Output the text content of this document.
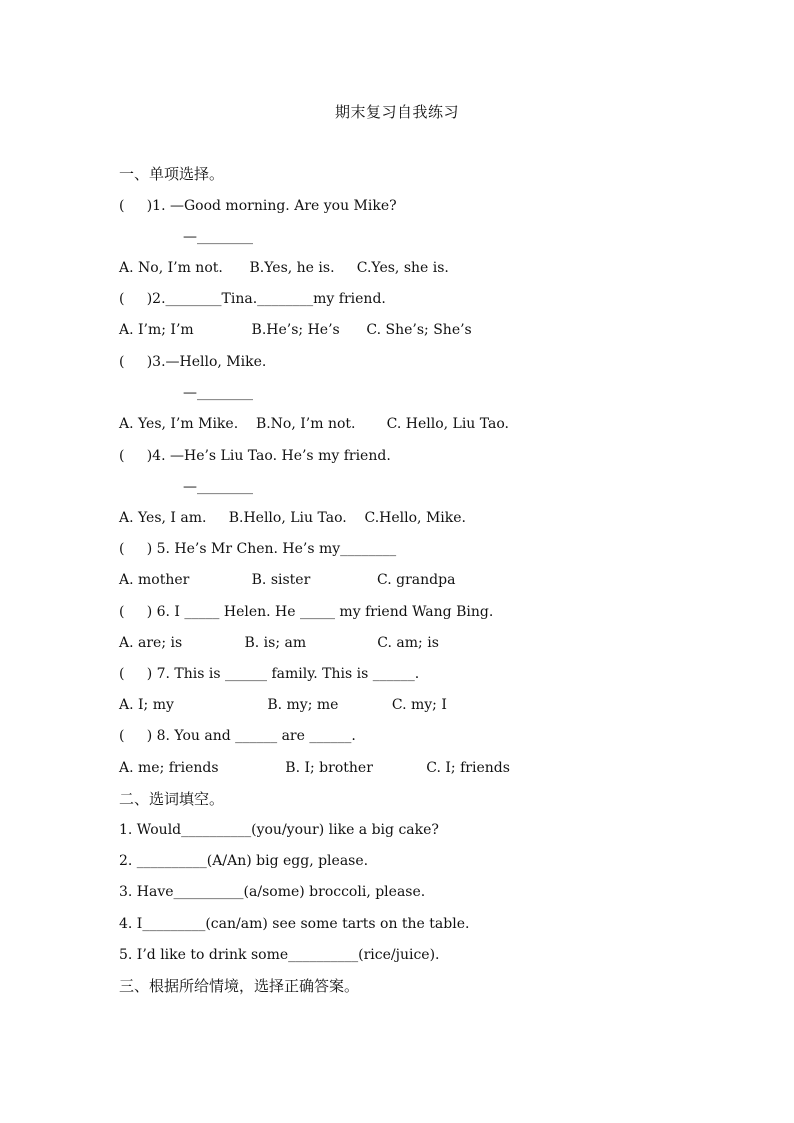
期末复习自我练习
一、单项选择。
(     )1. —Good morning. Are you Mike?
—________
A. No, I’m not.      B.Yes, he is.     C.Yes, she is.
(     )2.________Tina.________my friend.
A. I’m; I’m             B.He’s; He’s      C. She’s; She’s
(     )3.—Hello, Mike.
—________
A. Yes, I’m Mike.    B.No, I’m not.       C. Hello, Liu Tao.
(     )4. —He’s Liu Tao. He’s my friend.
—________
A. Yes, I am.     B.Hello, Liu Tao.    C.Hello, Mike.
(     ) 5. He’s Mr Chen. He’s my________
A. mother              B. sister               C. grandpa
(     ) 6. I _____ Helen. He _____ my friend Wang Bing.
A. are; is              B. is; am                C. am; is
(     ) 7. This is ______ family. This is ______.
A. I; my                     B. my; me            C. my; I
(     ) 8. You and ______ are ______.
A. me; friends               B. I; brother            C. I; friends
二、选词填空。
1. Would__________(you/your) like a big cake?
2. __________(A/An) big egg, please.
3. Have__________(a/some) broccoli, please.
4. I_________(can/am) see some tarts on the table.
5. I’d like to drink some__________(rice/juice).
三、根据所给情境，选择正确答案。
